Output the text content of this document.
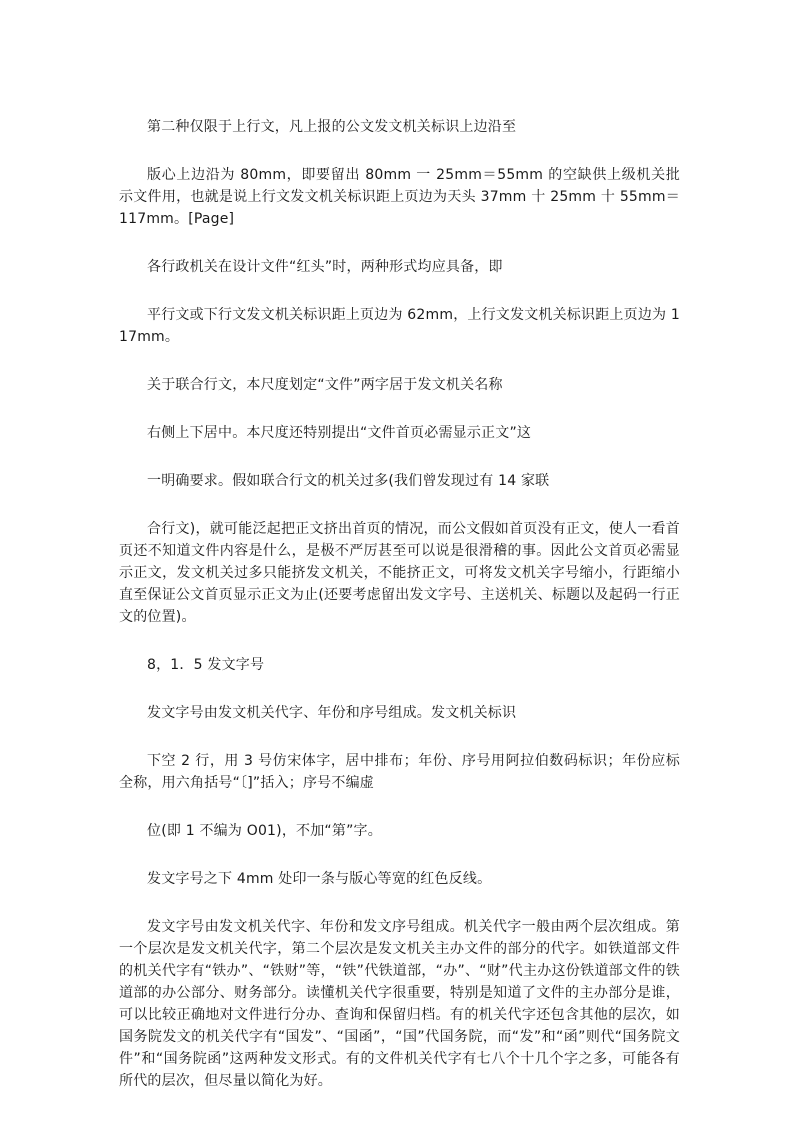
第二种仅限于上行文，凡上报的公文发文机关标识上边沿至

版心上边沿为 80mm，即要留出 80mm 一 25mm＝55mm 的空缺供上级机关批示文件用，也就是说上行文发文机关标识距上页边为天头 37mm 十 25mm 十 55mm＝117mm。[Page]

各行政机关在设计文件“红头”时，两种形式均应具备，即

平行文或下行文发文机关标识距上页边为 62mm，上行文发文机关标识距上页边为 117mm。

关于联合行文，本尺度划定“文件”两字居于发文机关名称

右侧上下居中。本尺度还特别提出“文件首页必需显示正文”这

一明确要求。假如联合行文的机关过多(我们曾发现过有 14 家联

合行文)，就可能泛起把正文挤出首页的情况，而公文假如首页没有正文，使人一看首页还不知道文件内容是什么，是极不严厉甚至可以说是很滑稽的事。因此公文首页必需显示正文，发文机关过多只能挤发文机关，不能挤正文，可将发文机关字号缩小，行距缩小直至保证公文首页显示正文为止(还要考虑留出发文字号、主送机关、标题以及起码一行正文的位置)。

8，1．5 发文字号

发文字号由发文机关代字、年份和序号组成。发文机关标识

下空 2 行，用 3 号仿宋体字，居中排布；年份、序号用阿拉伯数码标识；年份应标全称，用六角括号“〔]”括入；序号不编虚

位(即 1 不编为 O01)，不加“第”字。

发文字号之下 4mm 处印一条与版心等宽的红色反线。

发文字号由发文机关代字、年份和发文序号组成。机关代字一般由两个层次组成。第一个层次是发文机关代字，第二个层次是发文机关主办文件的部分的代字。如铁道部文件的机关代字有“铁办”、“铁财”等，“铁”代铁道部，“办”、“财”代主办这份铁道部文件的铁道部的办公部分、财务部分。读懂机关代字很重要，特别是知道了文件的主办部分是谁，可以比较正确地对文件进行分办、查询和保留归档。有的机关代字还包含其他的层次，如国务院发文的机关代字有“国发”、“国函”，“国”代国务院，而“发”和“函”则代“国务院文件”和“国务院函”这两种发文形式。有的文件机关代字有七八个十几个字之多，可能各有所代的层次，但尽量以简化为好。
